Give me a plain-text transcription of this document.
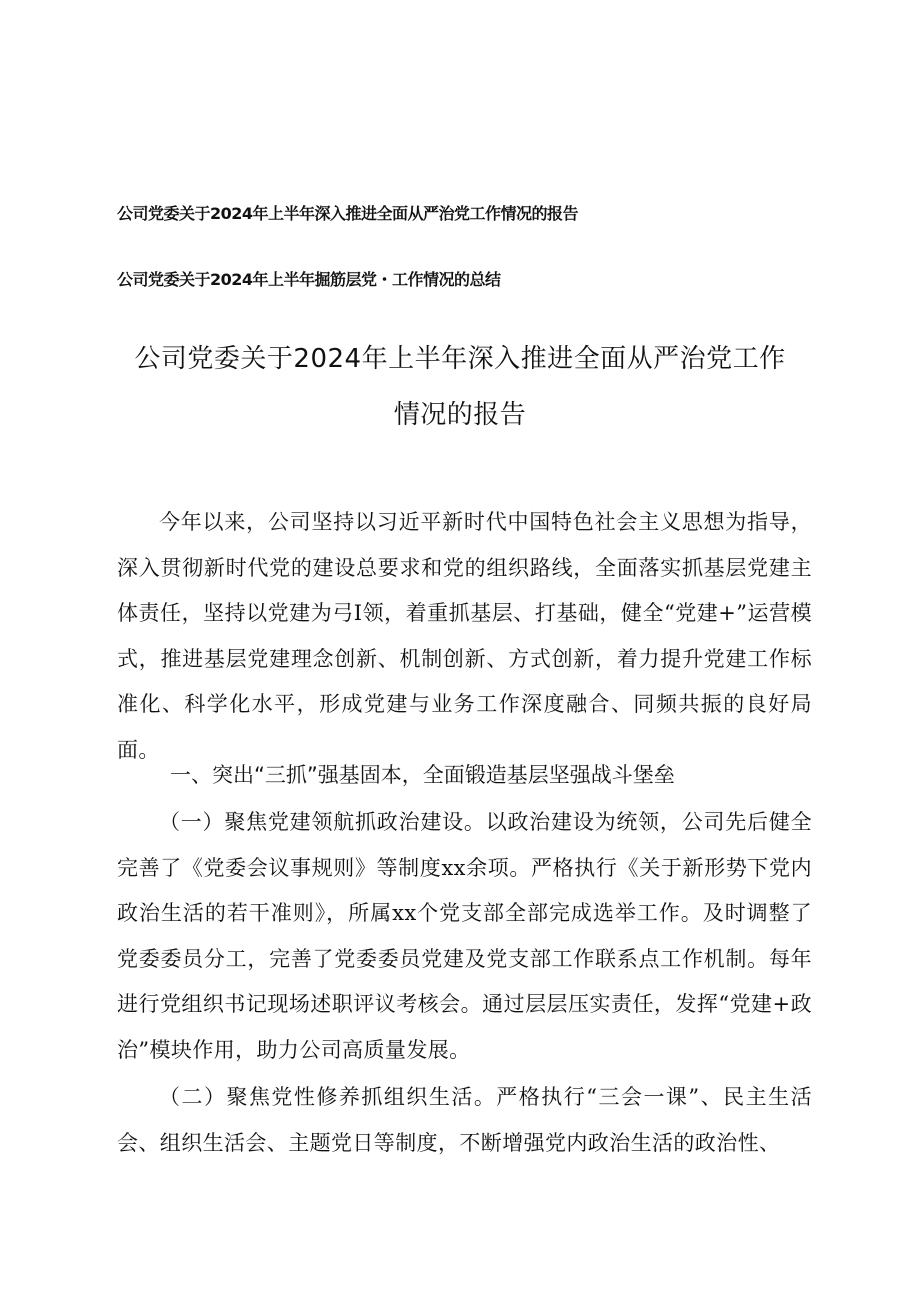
公司党委关于2024年上半年深入推进全面从严治党工作情况的报告
公司党委关于2024年上半年掘筋层党・工作情况的总结
公司党委关于2024年上半年深入推进全面从严治党工作
情况的报告

今年以来，公司坚持以习近平新时代中国特色社会主义思想为指导，深入贯彻新时代党的建设总要求和党的组织路线，全面落实抓基层党建主体责任，坚持以党建为弓I领，着重抓基层、打基础，健全“党建+”运营模式，推进基层党建理念创新、机制创新、方式创新，着力提升党建工作标准化、科学化水平，形成党建与业务工作深度融合、同频共振的良好局面。

一、突出“三抓”强基固本，全面锻造基层坚强战斗堡垒

（一）聚焦党建领航抓政治建设。以政治建设为统领，公司先后健全完善了《党委会议事规则》等制度xx余项。严格执行《关于新形势下党内政治生活的若干准则》，所属xx个党支部全部完成选举工作。及时调整了党委委员分工，完善了党委委员党建及党支部工作联系点工作机制。每年进行党组织书记现场述职评议考核会。通过层层压实责任，发挥“党建+政治”模块作用，助力公司高质量发展。

（二）聚焦党性修养抓组织生活。严格执行“三会一课”、民主生活会、组织生活会、主题党日等制度，不断增强党内政治生活的政治性、
